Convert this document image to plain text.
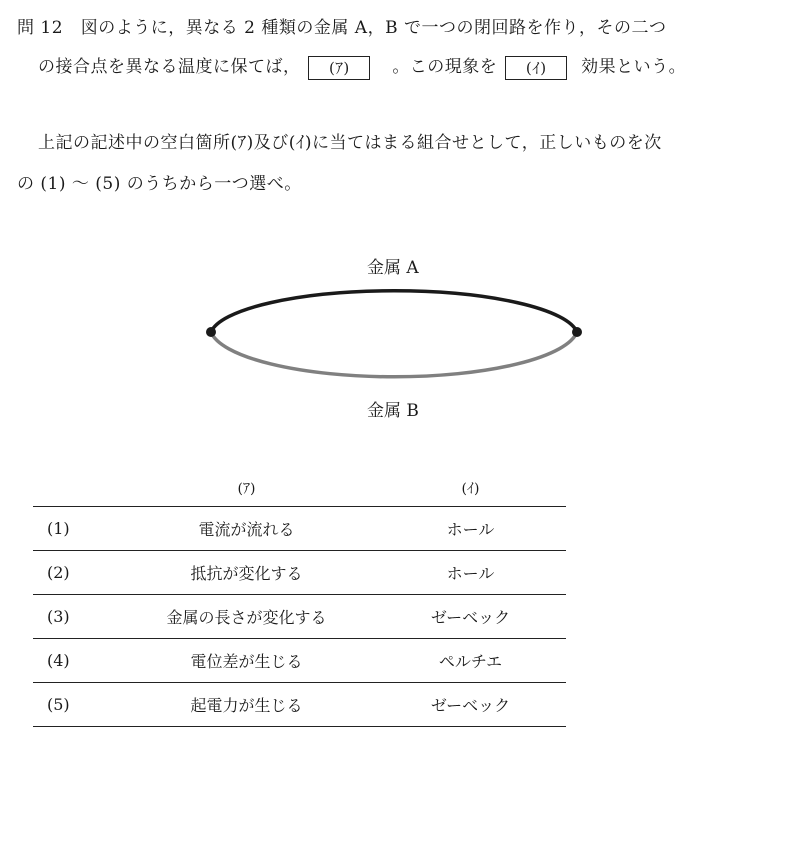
問 12 図のように，異なる 2 種類の金属 A，B で一つの閉回路を作り，その二つ
の接合点を異なる温度に保てば， (ｱ)	。この現象を (ｲ) 効果という。
上記の記述中の空白箇所(ｱ)及び(ｲ)に当てはまる組合せとして，正しいものを次
の (1) ～ (5) のうちから一つ選べ。
金属 A
金属 B
	(ｱ)	(ｲ)
(1)	電流が流れる	ホール
(2)	抵抗が変化する	ホール
(3)	金属の長さが変化する	ゼーベック
(4)	電位差が生じる	ペルチエ
(5)	起電力が生じる	ゼーベック
